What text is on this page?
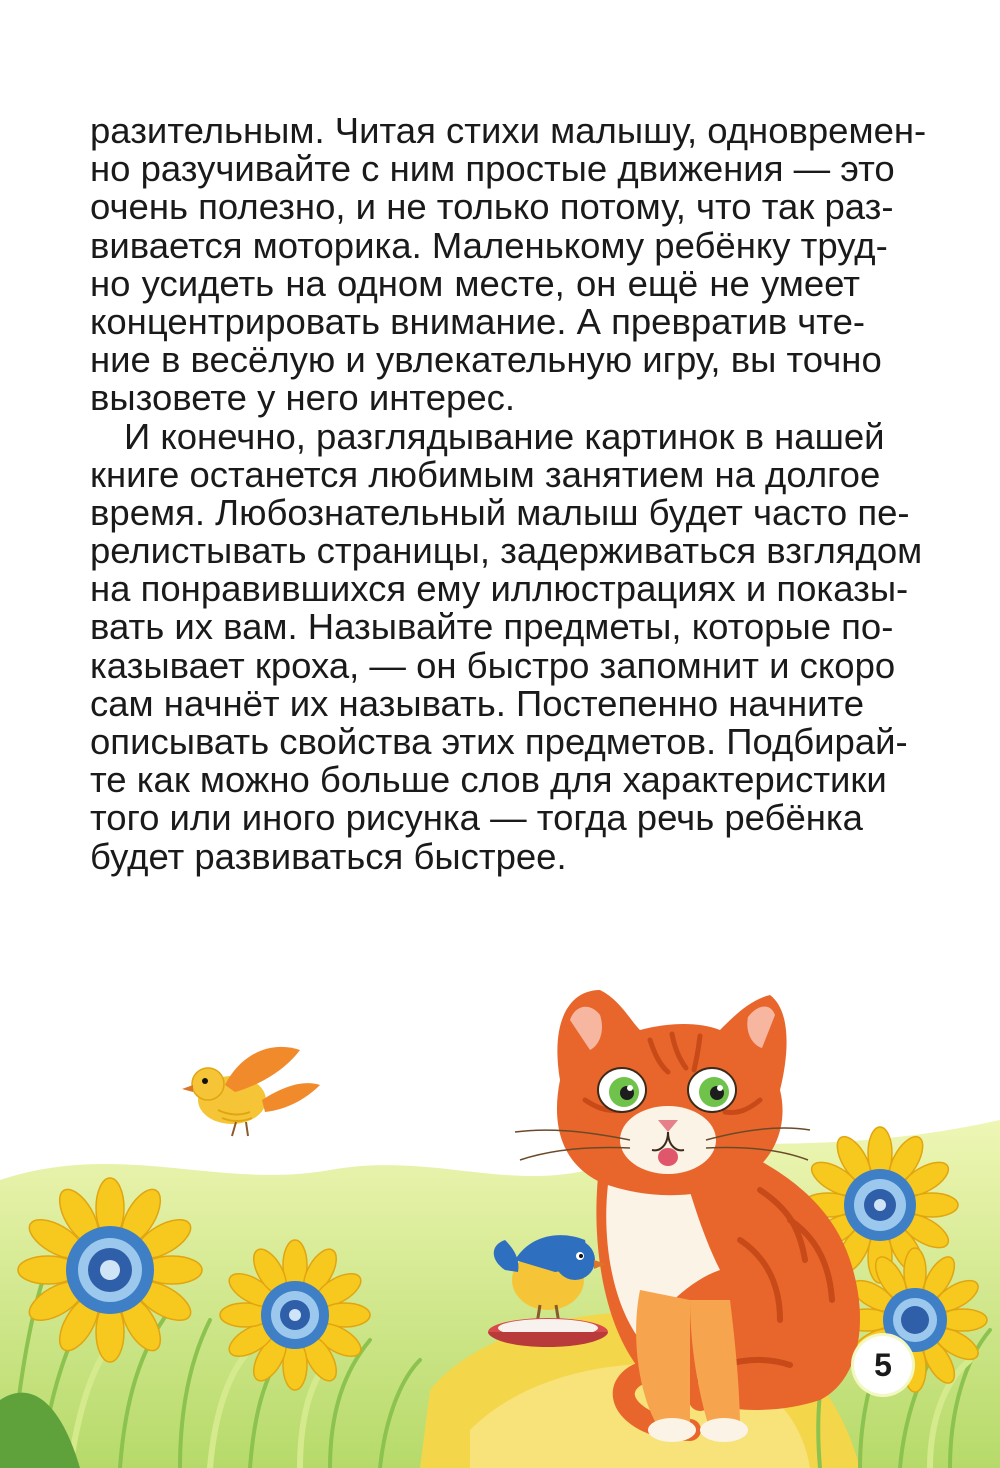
разительным. Читая стихи малышу, одновремен-
но разучивайте с ним простые движения — это
очень полезно, и не только потому, что так раз-
вивается моторика. Маленькому ребёнку труд-
но усидеть на одном месте, он ещё не умеет
концентрировать внимание. А превратив чте-
ние в весёлую и увлекательную игру, вы точно
вызовете у него интерес.
И конечно, разглядывание картинок в нашей
книге останется любимым занятием на долгое
время. Любознательный малыш будет часто пе-
релистывать страницы, задерживаться взглядом
на понравившихся ему иллюстрациях и показы-
вать их вам. Называйте предметы, которые по-
казывает кроха, — он быстро запомнит и скоро
сам начнёт их называть. Постепенно начните
описывать свойства этих предметов. Подбирай-
те как можно больше слов для характеристики
того или иного рисунка — тогда речь ребёнка
будет развиваться быстрее.
5
